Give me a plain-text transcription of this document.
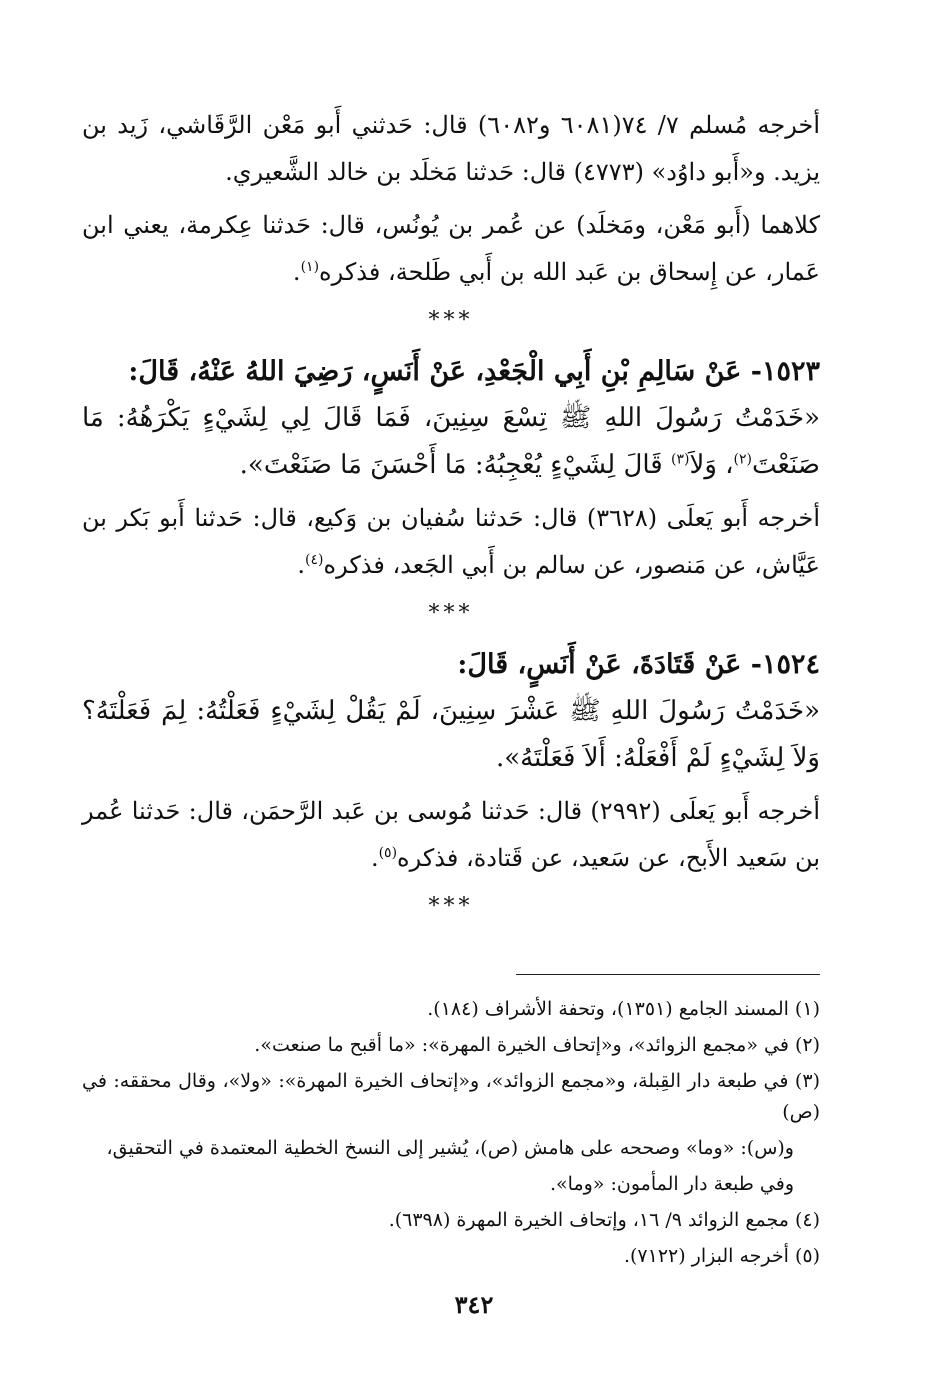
أخرجه مُسلم ٧/ ٧٤(٦٠٨١ و٦٠٨٢) قال: حَدثني أَبو مَعْن الرَّقَاشي، زَيد بن يزيد. و«أَبو داوُد» (٤٧٧٣) قال: حَدثنا مَخلَد بن خالد الشَّعيري.

كلاهما (أَبو مَعْن، ومَخلَد) عن عُمر بن يُونُس، قال: حَدثنا عِكرمة، يعني ابن عَمار، عن إِسحاق بن عَبد الله بن أَبي طَلحة، فذكره$^{(١)}$.

***

١٥٢٣- عَنْ سَالِمِ بْنِ أَبِي الْجَعْدِ، عَنْ أَنَسٍ، رَضِيَ اللهُ عَنْهُ، قَالَ:

«خَدَمْتُ رَسُولَ اللهِ ﷺ تِسْعَ سِنِينَ، فَمَا قَالَ لِي لِشَيْءٍ يَكْرَهُهُ: مَا صَنَعْتَ$^{(٢)}$، وَلاَ$^{(٣)}$ قَالَ لِشَيْءٍ يُعْجِبُهُ: مَا أَحْسَنَ مَا صَنَعْتَ».

أخرجه أَبو يَعلَى (٣٦٢٨) قال: حَدثنا سُفيان بن وَكيع، قال: حَدثنا أَبو بَكر بن عَيَّاش، عن مَنصور، عن سالم بن أَبي الجَعد، فذكره$^{(٤)}$.

***

١٥٢٤- عَنْ قَتَادَةَ، عَنْ أَنَسٍ، قَالَ:

«خَدَمْتُ رَسُولَ اللهِ ﷺ عَشْرَ سِنِينَ، لَمْ يَقُلْ لِشَيْءٍ فَعَلْتُهُ: لِمَ فَعَلْتَهُ؟ وَلاَ لِشَيْءٍ لَمْ أَفْعَلْهُ: أَلاَ فَعَلْتَهُ».

أخرجه أَبو يَعلَى (٢٩٩٢) قال: حَدثنا مُوسى بن عَبد الرَّحمَن، قال: حَدثنا عُمر بن سَعيد الأَبح، عن سَعيد، عن قَتادة، فذكره$^{(٥)}$.

***

(١) المسند الجامع (١٣٥١)، وتحفة الأشراف (١٨٤).

(٢) في «مجمع الزوائد»، و«إتحاف الخيرة المهرة»: «ما أقبح ما صنعت».

(٣) في طبعة دار القِبلة، و«مجمع الزوائد»، و«إتحاف الخيرة المهرة»: «ولا»، وقال محققه: في (ص)

و(س): «وما» وصححه على هامش (ص)، يُشير إلى النسخ الخطية المعتمدة في التحقيق،

وفي طبعة دار المأمون: «وما».

(٤) مجمع الزوائد ٩/ ١٦، وإتحاف الخيرة المهرة (٦٣٩٨).

(٥) أخرجه البزار (٧١٢٢).

٣٤٢
